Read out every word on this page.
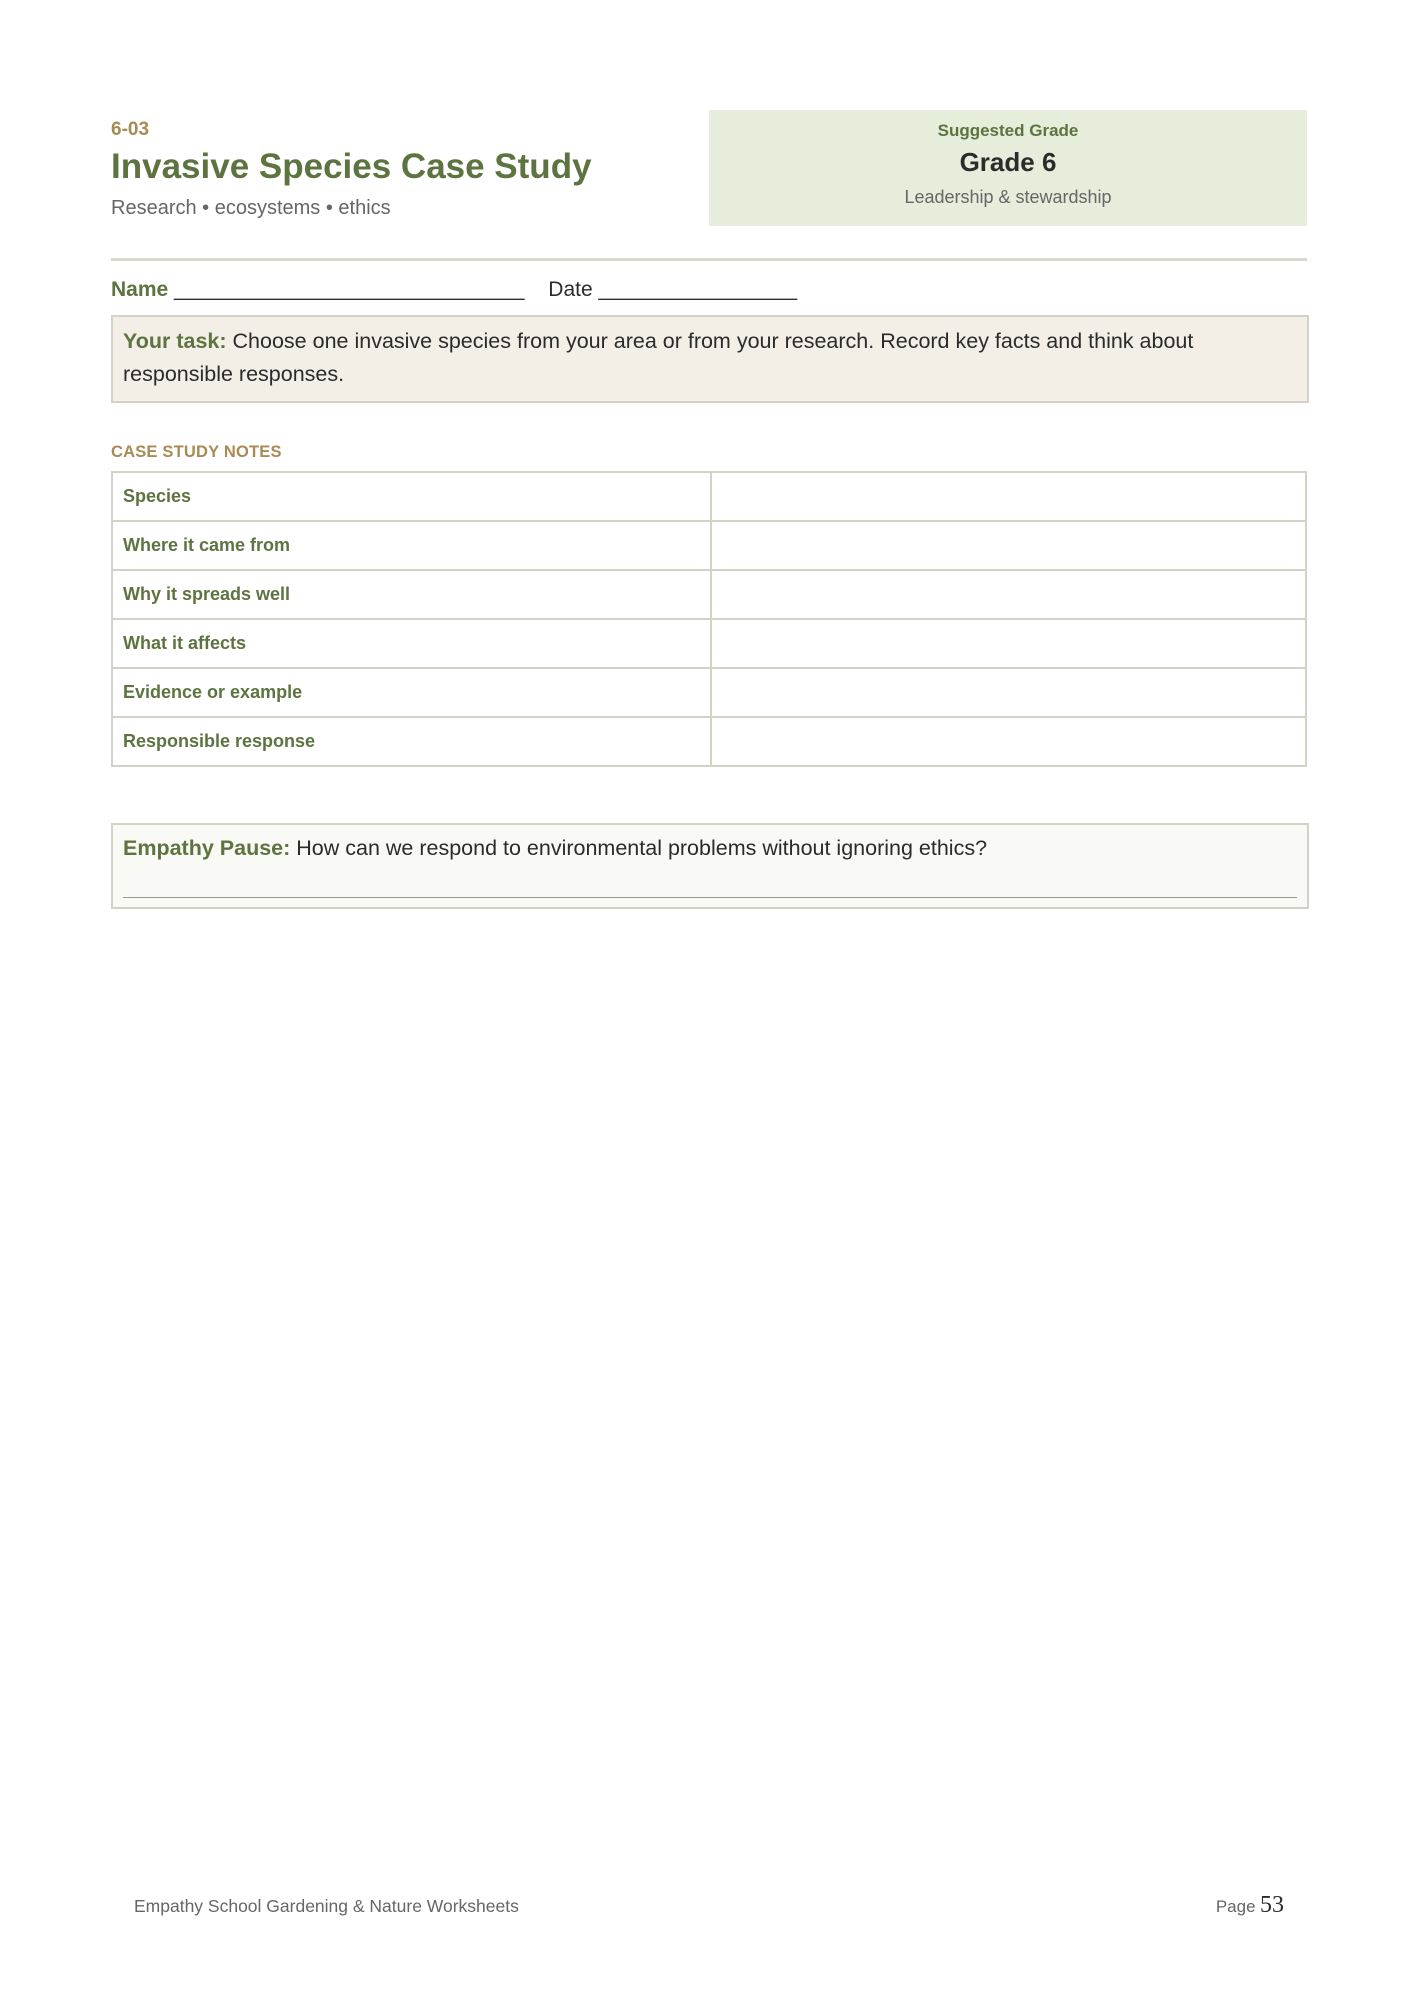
6-03
Invasive Species Case Study
Research • ecosystems • ethics
Suggested Grade
Grade 6
Leadership & stewardship
Name ______________________________ Date _________________
Your task: Choose one invasive species from your area or from your research. Record key facts and think about responsible responses.
CASE STUDY NOTES
Species	
Where it came from	
Why it spreads well	
What it affects	
Evidence or example	
Responsible response	
Empathy Pause: How can we respond to environmental problems without ignoring ethics?
Empathy School Gardening & Nature Worksheets	Page 53
